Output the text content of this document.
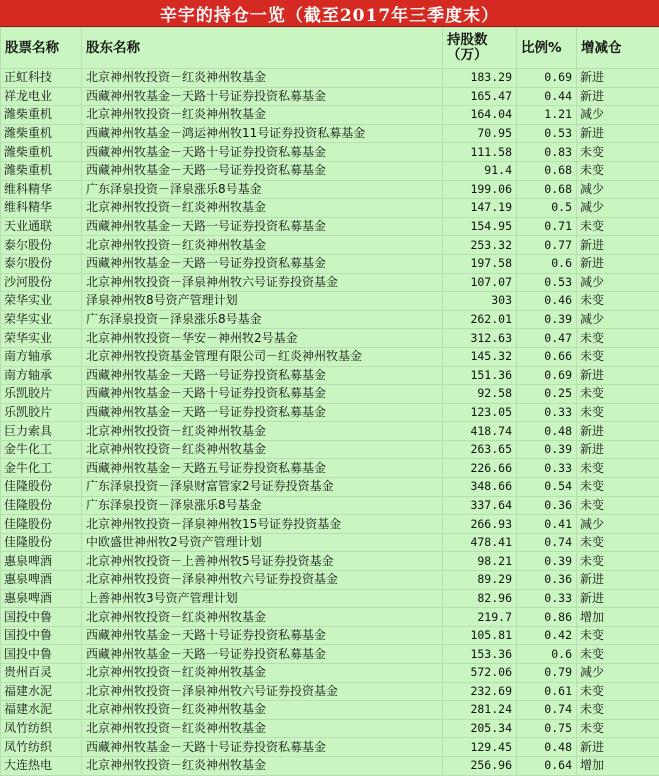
辛宇的持仓一览（截至2017年三季度末）
股票名称	股东名称	持股数（万）	比例%	增减仓
正虹科技	北京神州牧投资－红炎神州牧基金	183.29	0.69	新进
祥龙电业	西藏神州牧基金－天路十号证券投资私募基金	165.47	0.44	新进
潍柴重机	北京神州牧投资－红炎神州牧基金	164.04	1.21	减少
潍柴重机	西藏神州牧基金－鸿运神州牧11号证券投资私募基金	70.95	0.53	新进
潍柴重机	西藏神州牧基金－天路十号证券投资私募基金	111.58	0.83	未变
潍柴重机	西藏神州牧基金－天路一号证券投资私募基金	91.4	0.68	未变
维科精华	广东泽泉投资－泽泉涨乐8号基金	199.06	0.68	减少
维科精华	北京神州牧投资－红炎神州牧基金	147.19	0.5	减少
天业通联	西藏神州牧基金－天路一号证券投资私募基金	154.95	0.71	未变
泰尔股份	北京神州牧投资－红炎神州牧基金	253.32	0.77	新进
泰尔股份	西藏神州牧基金－天路一号证券投资私募基金	197.58	0.6	新进
沙河股份	北京神州牧投资－泽泉神州牧六号证券投资基金	107.07	0.53	减少
荣华实业	泽泉神州牧8号资产管理计划	303	0.46	未变
荣华实业	广东泽泉投资－泽泉涨乐8号基金	262.01	0.39	减少
荣华实业	北京神州牧投资－华安－神州牧2号基金	312.63	0.47	未变
南方轴承	北京神州牧投资基金管理有限公司－红炎神州牧基金	145.32	0.66	未变
南方轴承	西藏神州牧基金－天路一号证券投资私募基金	151.36	0.69	新进
乐凯胶片	西藏神州牧基金－天路十号证券投资私募基金	92.58	0.25	未变
乐凯胶片	西藏神州牧基金－天路一号证券投资私募基金	123.05	0.33	未变
巨力索具	北京神州牧投资－红炎神州牧基金	418.74	0.48	新进
金牛化工	北京神州牧投资－红炎神州牧基金	263.65	0.39	新进
金牛化工	西藏神州牧基金－天路五号证券投资私募基金	226.66	0.33	未变
佳隆股份	广东泽泉投资－泽泉财富管家2号证券投资基金	348.66	0.54	未变
佳隆股份	广东泽泉投资－泽泉涨乐8号基金	337.64	0.36	未变
佳隆股份	北京神州牧投资－泽泉神州牧15号证券投资基金	266.93	0.41	减少
佳隆股份	中欧盛世神州牧2号资产管理计划	478.41	0.74	未变
惠泉啤酒	北京神州牧投资－上善神州牧5号证券投资基金	98.21	0.39	未变
惠泉啤酒	北京神州牧投资－泽泉神州牧六号证券投资基金	89.29	0.36	新进
惠泉啤酒	上善神州牧3号资产管理计划	82.96	0.33	新进
国投中鲁	北京神州牧投资－红炎神州牧基金	219.7	0.86	增加
国投中鲁	西藏神州牧基金－天路十号证券投资私募基金	105.81	0.42	未变
国投中鲁	西藏神州牧基金－天路一号证券投资私募基金	153.36	0.6	未变
贵州百灵	北京神州牧投资－红炎神州牧基金	572.06	0.79	减少
福建水泥	北京神州牧投资－泽泉神州牧六号证券投资基金	232.69	0.61	未变
福建水泥	北京神州牧投资－红炎神州牧基金	281.24	0.74	未变
凤竹纺织	北京神州牧投资－红炎神州牧基金	205.34	0.75	未变
凤竹纺织	西藏神州牧基金－天路十号证券投资私募基金	129.45	0.48	新进
大连热电	北京神州牧投资－红炎神州牧基金	256.96	0.64	增加
